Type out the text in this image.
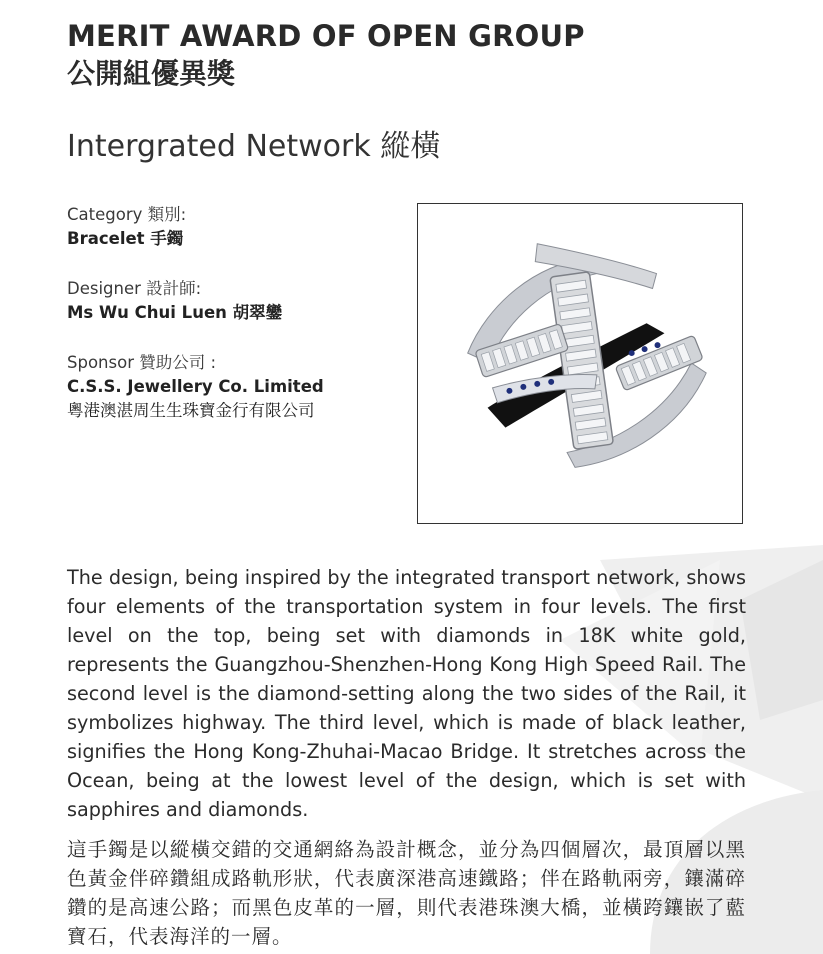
MERIT AWARD OF OPEN GROUP
公開組優異獎
Intergrated Network 縱橫
Category 類別:
Bracelet 手鐲
Designer 設計師:
Ms Wu Chui Luen 胡翠鑾
Sponsor 贊助公司 :
C.S.S. Jewellery Co. Limited
粵港澳湛周生生珠寶金行有限公司
The design, being inspired by the integrated transport network, shows four elements of the transportation system in four levels. The first level on the top, being set with diamonds in 18K white gold, represents the Guangzhou-Shenzhen-Hong Kong High Speed Rail. The second level is the diamond-setting along the two sides of the Rail, it symbolizes highway. The third level, which is made of black leather, signifies the Hong Kong-Zhuhai-Macao Bridge. It stretches across the Ocean, being at the lowest level of the design, which is set with sapphires and diamonds.
這手鐲是以縱橫交錯的交通網絡為設計概念，並分為四個層次，最頂層以黑色黃金伴碎鑽組成路軌形狀，代表廣深港高速鐵路；伴在路軌兩旁，鑲滿碎鑽的是高速公路；而黑色皮革的一層，則代表港珠澳大橋，並橫跨鑲嵌了藍寶石，代表海洋的一層。
